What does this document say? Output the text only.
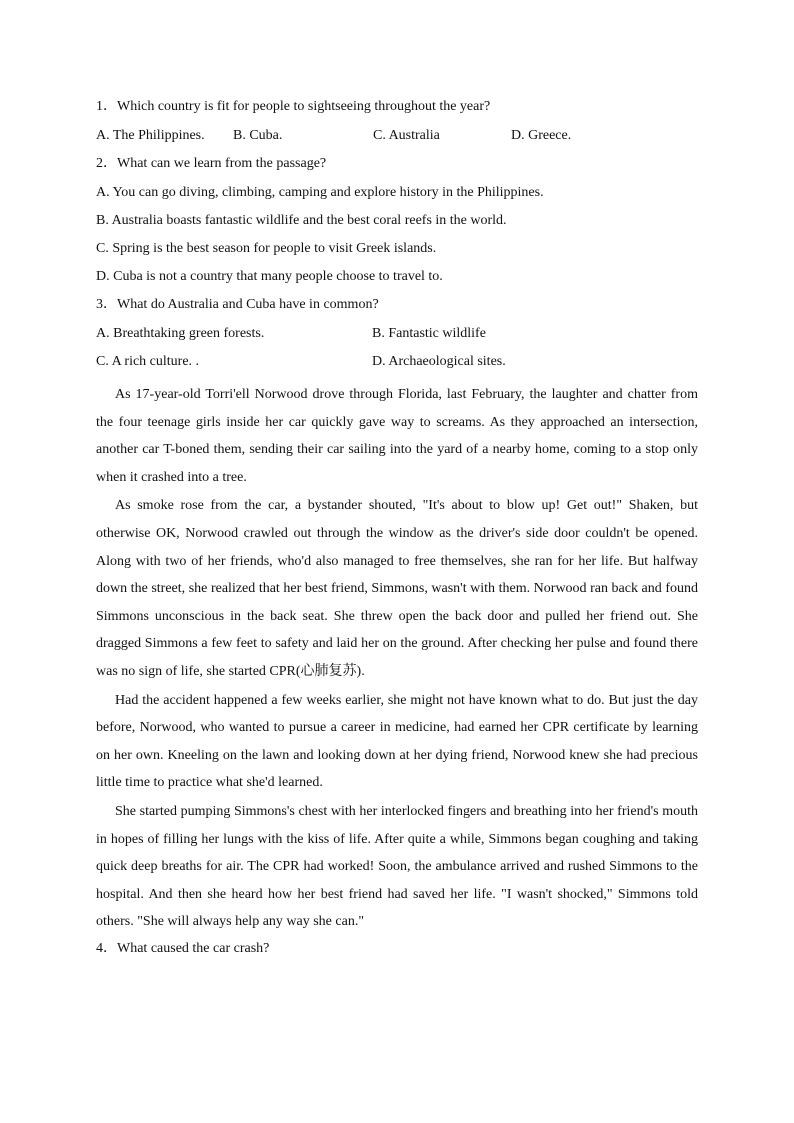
1．Which country is fit for people to sightseeing throughout the year?
A. The Philippines.	B. Cuba.	C. Australia	D. Greece.
2．What can we learn from the passage?
A. You can go diving, climbing, camping and explore history in the Philippines.
B. Australia boasts fantastic wildlife and the best coral reefs in the world.
C. Spring is the best season for people to visit Greek islands.
D. Cuba is not a country that many people choose to travel to.
3．What do Australia and Cuba have in common?
A. Breathtaking green forests.	B. Fantastic wildlife
C. A rich culture. .	D. Archaeological sites.

As 17-year-old Torri'ell Norwood drove through Florida, last February, the laughter and chatter from the four teenage girls inside her car quickly gave way to screams. As they approached an intersection, another car T-boned them, sending their car sailing into the yard of a nearby home, coming to a stop only when it crashed into a tree.

As smoke rose from the car, a bystander shouted, "It's about to blow up! Get out!" Shaken, but otherwise OK, Norwood crawled out through the window as the driver's side door couldn't be opened. Along with two of her friends, who'd also managed to free themselves, she ran for her life. But halfway down the street, she realized that her best friend, Simmons, wasn't with them. Norwood ran back and found Simmons unconscious in the back seat. She threw open the back door and pulled her friend out. She dragged Simmons a few feet to safety and laid her on the ground. After checking her pulse and found there was no sign of life, she started CPR(心肺复苏).

Had the accident happened a few weeks earlier, she might not have known what to do. But just the day before, Norwood, who wanted to pursue a career in medicine, had earned her CPR certificate by learning on her own. Kneeling on the lawn and looking down at her dying friend, Norwood knew she had precious little time to practice what she'd learned.

She started pumping Simmons's chest with her interlocked fingers and breathing into her friend's mouth in hopes of filling her lungs with the kiss of life. After quite a while, Simmons began coughing and taking quick deep breaths for air. The CPR had worked! Soon, the ambulance arrived and rushed Simmons to the hospital. And then she heard how her best friend had saved her life. "I wasn't shocked," Simmons told others. "She will always help any way she can."

4．What caused the car crash?
